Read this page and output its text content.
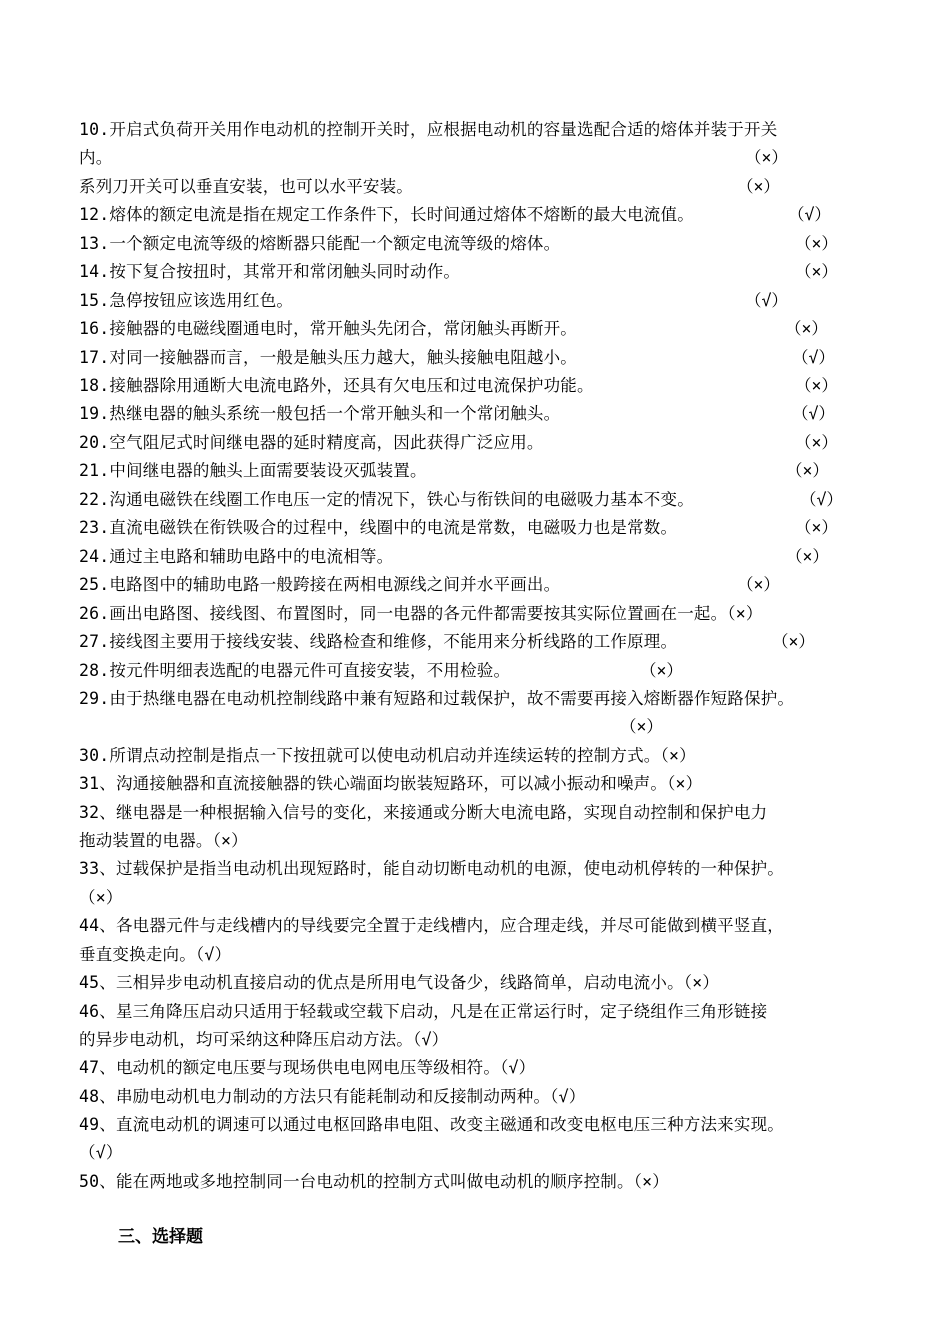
10.开启式负荷开关用作电动机的控制开关时，应根据电动机的容量选配合适的熔体并装于开关
内。	（×）
系列刀开关可以垂直安装，也可以水平安装。	（×）
12.熔体的额定电流是指在规定工作条件下，长时间通过熔体不熔断的最大电流值。	（√）
13.一个额定电流等级的熔断器只能配一个额定电流等级的熔体。	（×）
14.按下复合按扭时，其常开和常闭触头同时动作。	（×）
15.急停按钮应该选用红色。	（√）
16.接触器的电磁线圈通电时，常开触头先闭合，常闭触头再断开。	（×）
17.对同一接触器而言，一般是触头压力越大，触头接触电阻越小。	（√）
18.接触器除用通断大电流电路外，还具有欠电压和过电流保护功能。	（×）
19.热继电器的触头系统一般包括一个常开触头和一个常闭触头。	（√）
20.空气阻尼式时间继电器的延时精度高，因此获得广泛应用。	（×）
21.中间继电器的触头上面需要装设灭弧装置。	（×）
22.沟通电磁铁在线圈工作电压一定的情况下，铁心与衔铁间的电磁吸力基本不变。	（√）
23.直流电磁铁在衔铁吸合的过程中，线圈中的电流是常数，电磁吸力也是常数。	（×）
24.通过主电路和辅助电路中的电流相等。	（×）
25.电路图中的辅助电路一般跨接在两相电源线之间并水平画出。	（×）
26.画出电路图、接线图、布置图时，同一电器的各元件都需要按其实际位置画在一起。（×）
27.接线图主要用于接线安装、线路检查和维修，不能用来分析线路的工作原理。	（×）
28.按元件明细表选配的电器元件可直接安装，不用检验。	（×）
29.由于热继电器在电动机控制线路中兼有短路和过载保护，故不需要再接入熔断器作短路保护。
（×）
30.所谓点动控制是指点一下按扭就可以使电动机启动并连续运转的控制方式。（×）
31、沟通接触器和直流接触器的铁心端面均嵌装短路环，可以减小振动和噪声。（×）
32、继电器是一种根据输入信号的变化，来接通或分断大电流电路，实现自动控制和保护电力
拖动装置的电器。（×）
33、过载保护是指当电动机出现短路时，能自动切断电动机的电源，使电动机停转的一种保护。
（×）
44、各电器元件与走线槽内的导线要完全置于走线槽内，应合理走线，并尽可能做到横平竖直，
垂直变换走向。（√）
45、三相异步电动机直接启动的优点是所用电气设备少，线路简单，启动电流小。（×）
46、星三角降压启动只适用于轻载或空载下启动，凡是在正常运行时，定子绕组作三角形链接
的异步电动机，均可采纳这种降压启动方法。（√）
47、电动机的额定电压要与现场供电电网电压等级相符。（√）
48、串励电动机电力制动的方法只有能耗制动和反接制动两种。（√）
49、直流电动机的调速可以通过电枢回路串电阻、改变主磁通和改变电枢电压三种方法来实现。
（√）
50、能在两地或多地控制同一台电动机的控制方式叫做电动机的顺序控制。（×）
三、选择题
